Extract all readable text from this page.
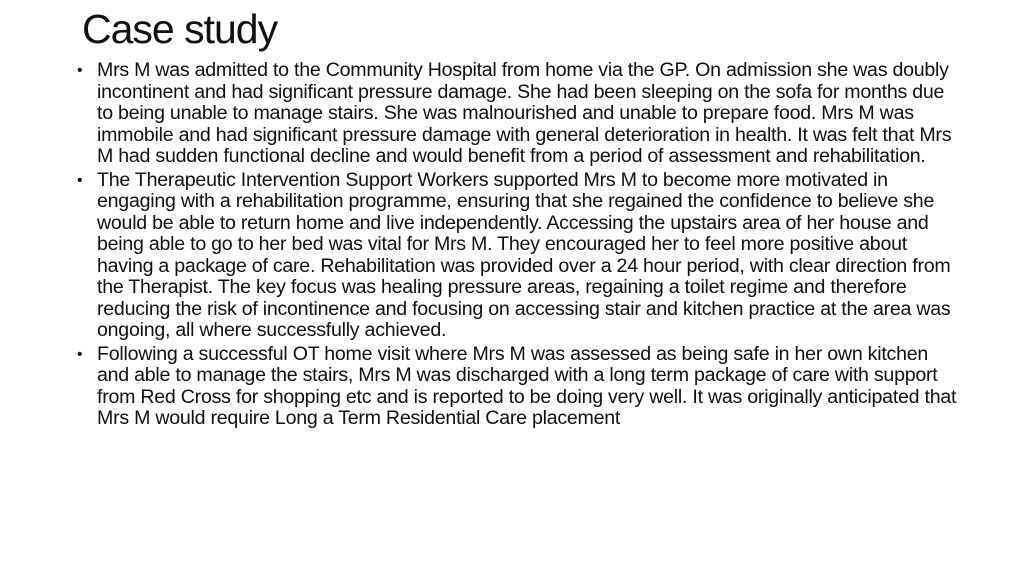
Case study
• Mrs M was admitted to the Community Hospital from home via the GP. On admission she was doubly incontinent and had significant pressure damage. She had been sleeping on the sofa for months due to being unable to manage stairs. She was malnourished and unable to prepare food. Mrs M was immobile and had significant pressure damage with general deterioration in health. It was felt that Mrs M had sudden functional decline and would benefit from a period of assessment and rehabilitation.
• The Therapeutic Intervention Support Workers supported Mrs M to become more motivated in engaging with a rehabilitation programme, ensuring that she regained the confidence to believe she would be able to return home and live independently. Accessing the upstairs area of her house and being able to go to her bed was vital for Mrs M. They encouraged her to feel more positive about having a package of care. Rehabilitation was provided over a 24 hour period, with clear direction from the Therapist. The key focus was healing pressure areas, regaining a toilet regime and therefore reducing the risk of incontinence and focusing on accessing stair and kitchen practice at the area was ongoing, all where successfully achieved.
• Following a successful OT home visit where Mrs M was assessed as being safe in her own kitchen and able to manage the stairs, Mrs M was discharged with a long term package of care with support from Red Cross for shopping etc and is reported to be doing very well. It was originally anticipated that Mrs M would require Long a Term Residential Care placement
